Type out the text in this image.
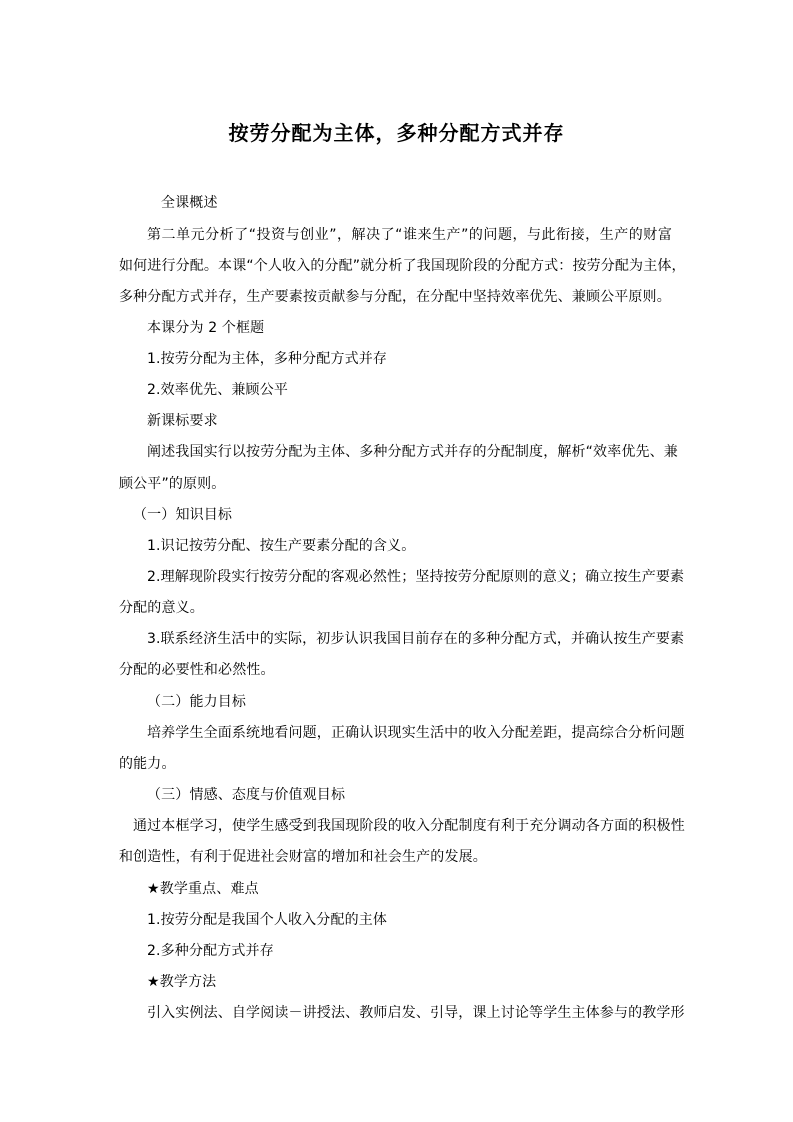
按劳分配为主体，多种分配方式并存
全课概述
第二单元分析了“投资与创业”，解决了“谁来生产”的问题，与此衔接，生产的财富
如何进行分配。本课“个人收入的分配”就分析了我国现阶段的分配方式：按劳分配为主体，
多种分配方式并存，生产要素按贡献参与分配，在分配中坚持效率优先、兼顾公平原则。
本课分为 2 个框题
1.按劳分配为主体，多种分配方式并存
2.效率优先、兼顾公平
新课标要求
阐述我国实行以按劳分配为主体、多种分配方式并存的分配制度，解析“效率优先、兼
顾公平”的原则。
（一）知识目标
1.识记按劳分配、按生产要素分配的含义。
2.理解现阶段实行按劳分配的客观必然性；坚持按劳分配原则的意义；确立按生产要素
分配的意义。
3.联系经济生活中的实际，初步认识我国目前存在的多种分配方式，并确认按生产要素
分配的必要性和必然性。
（二）能力目标
培养学生全面系统地看问题，正确认识现实生活中的收入分配差距，提高综合分析问题
的能力。
（三）情感、态度与价值观目标
通过本框学习，使学生感受到我国现阶段的收入分配制度有利于充分调动各方面的积极性
和创造性，有利于促进社会财富的增加和社会生产的发展。
★教学重点、难点
1.按劳分配是我国个人收入分配的主体
2.多种分配方式并存
★教学方法
引入实例法、自学阅读－讲授法、教师启发、引导，课上讨论等学生主体参与的教学形
